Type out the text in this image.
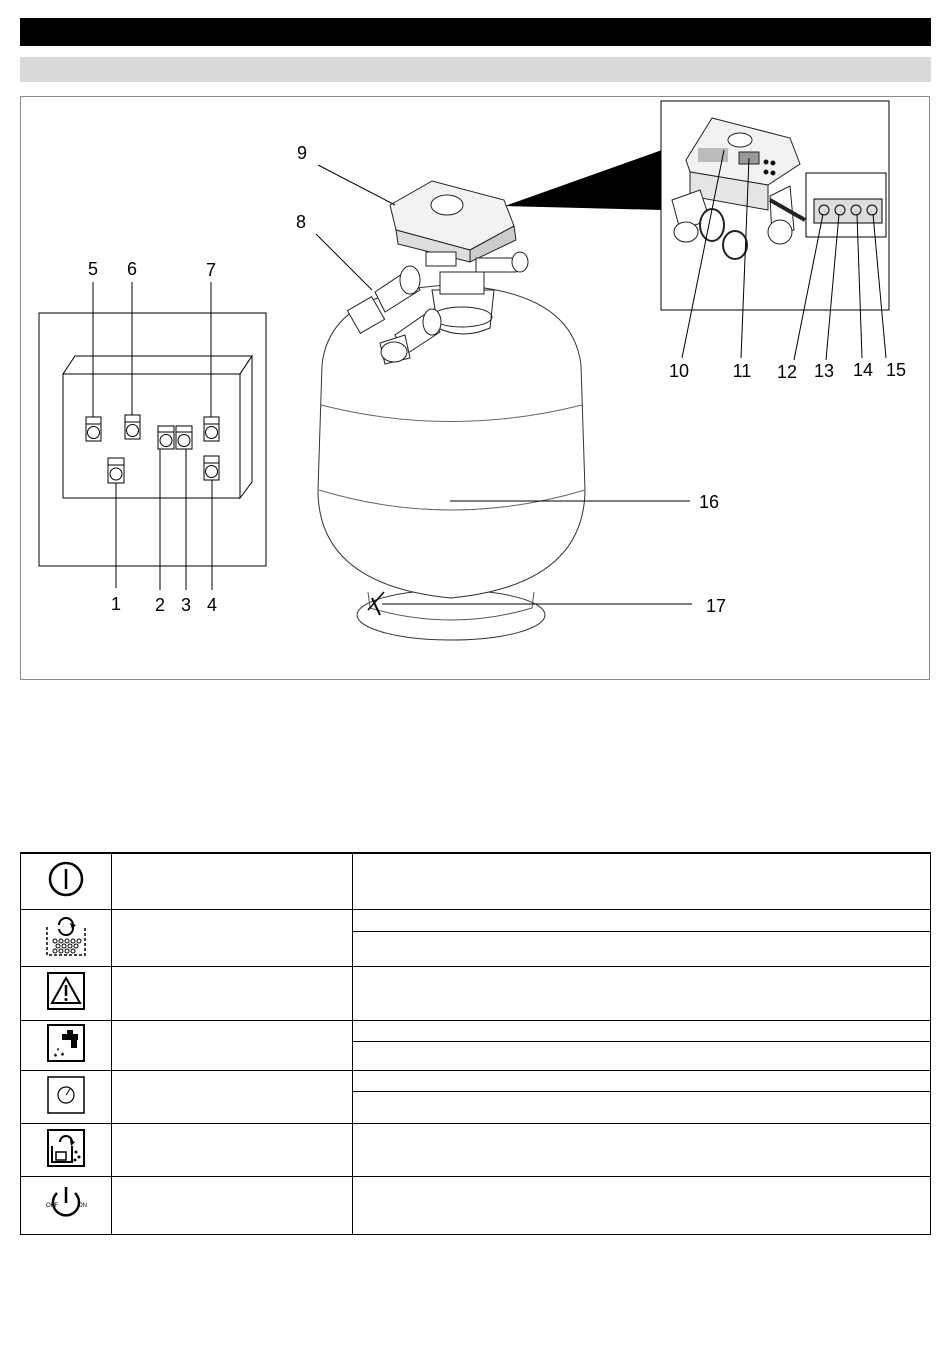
1 2 3 4
5 6	7
8
9
10 11 12 13 14 15
16
17

OFF ON		
